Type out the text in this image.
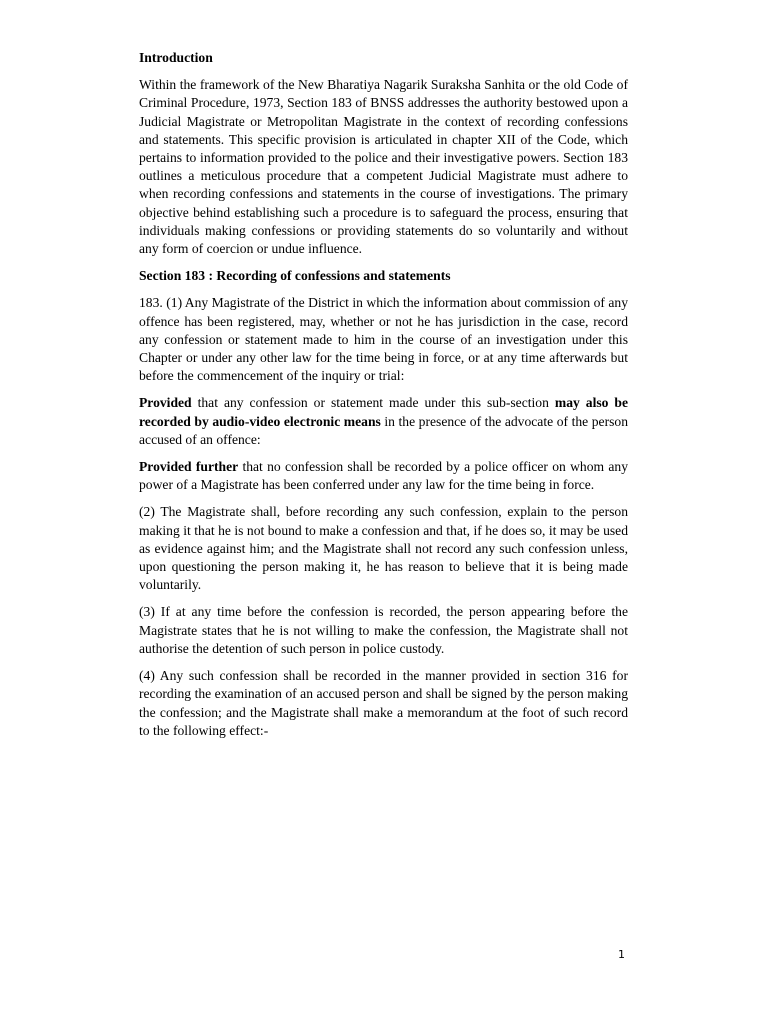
Introduction

Within the framework of the New Bharatiya Nagarik Suraksha Sanhita or the old Code of Criminal Procedure, 1973, Section 183 of BNSS addresses the authority bestowed upon a Judicial Magistrate or Metropolitan Magistrate in the context of recording confessions and statements. This specific provision is articulated in chapter XII of the Code, which pertains to information provided to the police and their investigative powers. Section 183 outlines a meticulous procedure that a competent Judicial Magistrate must adhere to when recording confessions and statements in the course of investigations. The primary objective behind establishing such a procedure is to safeguard the process, ensuring that individuals making confessions or providing statements do so voluntarily and without any form of coercion or undue influence.

Section 183 : Recording of confessions and statements

183. (1) Any Magistrate of the District in which the information about commission of any offence has been registered, may, whether or not he has jurisdiction in the case, record any confession or statement made to him in the course of an investigation under this Chapter or under any other law for the time being in force, or at any time afterwards but before the commencement of the inquiry or trial:

Provided that any confession or statement made under this sub-section may also be recorded by audio-video electronic means in the presence of the advocate of the person accused of an offence:

Provided further that no confession shall be recorded by a police officer on whom any power of a Magistrate has been conferred under any law for the time being in force.

(2) The Magistrate shall, before recording any such confession, explain to the person making it that he is not bound to make a confession and that, if he does so, it may be used as evidence against him; and the Magistrate shall not record any such confession unless, upon questioning the person making it, he has reason to believe that it is being made voluntarily.

(3) If at any time before the confession is recorded, the person appearing before the Magistrate states that he is not willing to make the confession, the Magistrate shall not authorise the detention of such person in police custody.

(4) Any such confession shall be recorded in the manner provided in section 316 for recording the examination of an accused person and shall be signed by the person making the confession; and the Magistrate shall make a memorandum at the foot of such record to the following effect:-

1
